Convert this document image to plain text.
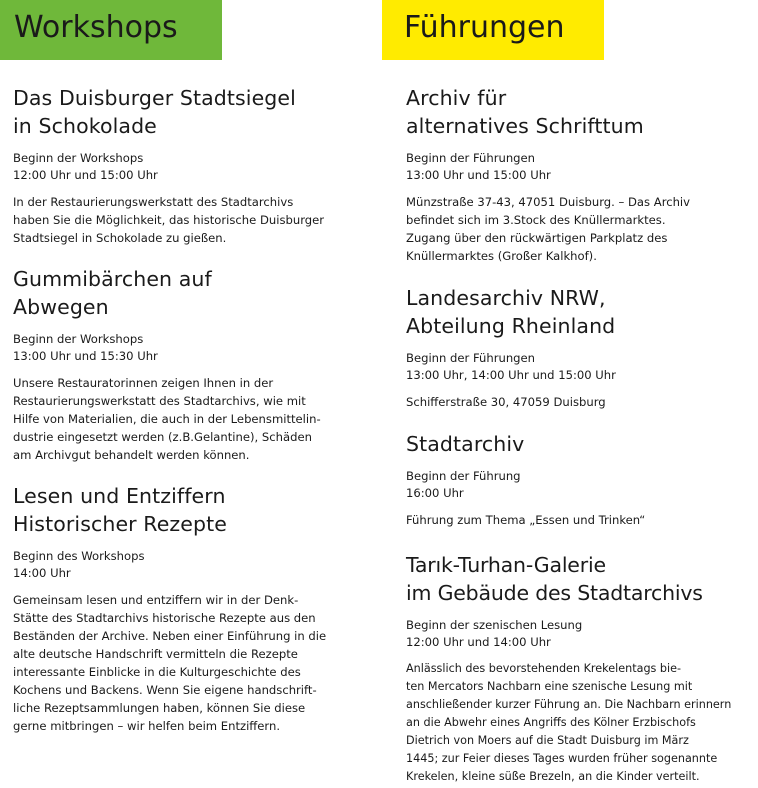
Workshops
Das Duisburger Stadtsiegel
in Schokolade
Beginn der Workshops
12:00 Uhr und 15:00 Uhr
In der Restaurierungswerkstatt des Stadtarchivs
haben Sie die Möglichkeit, das historische Duisburger
Stadtsiegel in Schokolade zu gießen.
Gummibärchen auf
Abwegen
Beginn der Workshops
13:00 Uhr und 15:30 Uhr
Unsere Restauratorinnen zeigen Ihnen in der
Restaurierungswerkstatt des Stadtarchivs, wie mit
Hilfe von Materialien, die auch in der Lebensmittelin-
dustrie eingesetzt werden (z.B.Gelantine), Schäden
am Archivgut behandelt werden können.
Lesen und Entziffern
Historischer Rezepte
Beginn des Workshops
14:00 Uhr
Gemeinsam lesen und entziffern wir in der Denk-
Stätte des Stadtarchivs historische Rezepte aus den
Beständen der Archive. Neben einer Einführung in die
alte deutsche Handschrift vermitteln die Rezepte
interessante Einblicke in die Kulturgeschichte des
Kochens und Backens. Wenn Sie eigene handschrift-
liche Rezeptsammlungen haben, können Sie diese
gerne mitbringen – wir helfen beim Entziffern.
Führungen
Archiv für
alternatives Schrifttum
Beginn der Führungen
13:00 Uhr und 15:00 Uhr
Münzstraße 37-43, 47051 Duisburg. – Das Archiv
befindet sich im 3.Stock des Knüllermarktes.
Zugang über den rückwärtigen Parkplatz des
Knüllermarktes (Großer Kalkhof).
Landesarchiv NRW,
Abteilung Rheinland
Beginn der Führungen
13:00 Uhr, 14:00 Uhr und 15:00 Uhr
Schifferstraße 30, 47059 Duisburg
Stadtarchiv
Beginn der Führung
16:00 Uhr
Führung zum Thema „Essen und Trinken“
Tarık-Turhan-Galerie
im Gebäude des Stadtarchivs
Beginn der szenischen Lesung
12:00 Uhr und 14:00 Uhr
Anlässlich des bevorstehenden Krekelentags bie-
ten Mercators Nachbarn eine szenische Lesung mit
anschließender kurzer Führung an. Die Nachbarn erinnern
an die Abwehr eines Angriffs des Kölner Erzbischofs
Dietrich von Moers auf die Stadt Duisburg im März
1445; zur Feier dieses Tages wurden früher sogenannte
Krekelen, kleine süße Brezeln, an die Kinder verteilt.
